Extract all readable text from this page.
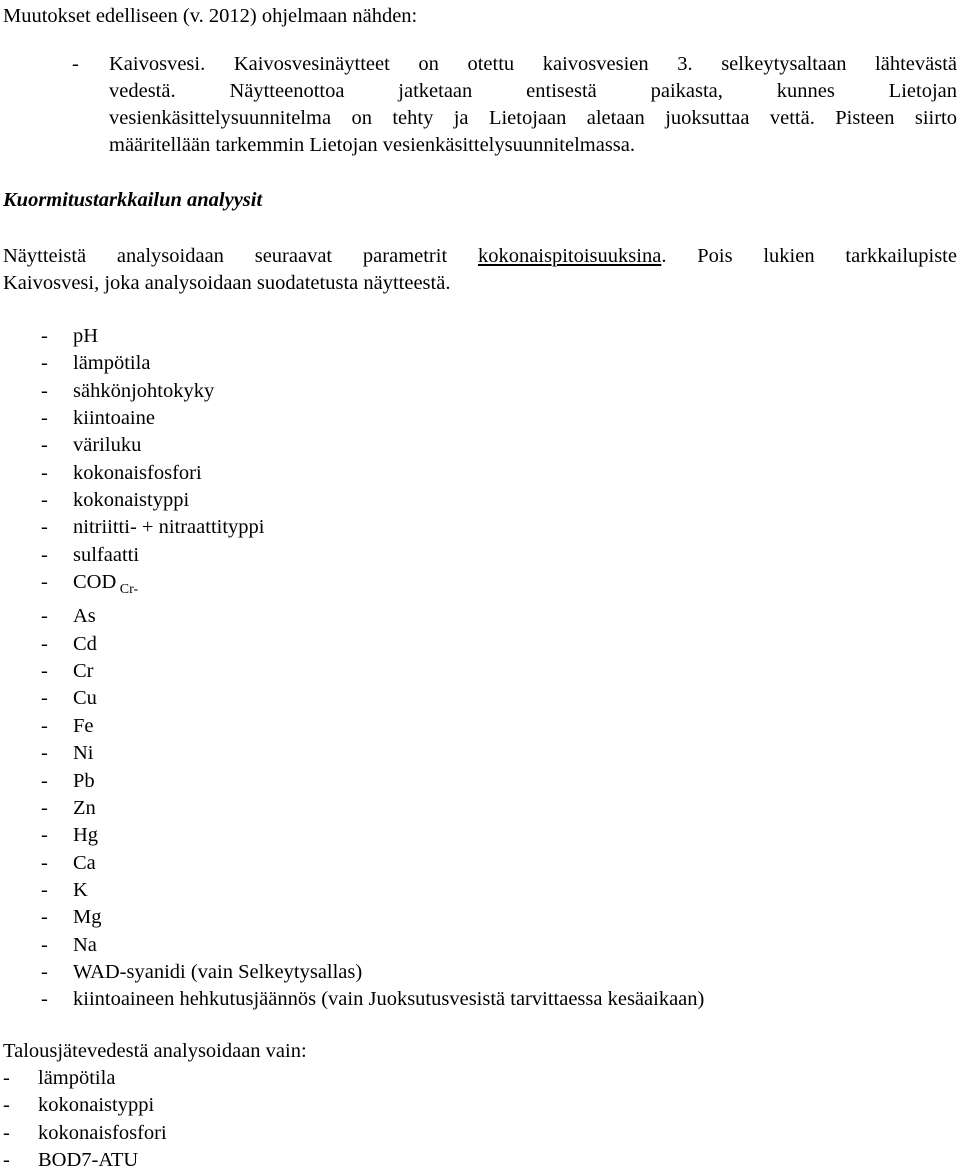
Muutokset edelliseen (v. 2012) ohjelmaan nähden:
- Kaivosvesi. Kaivosvesinäytteet on otettu kaivosvesien 3. selkeytysaltaan lähtevästä
vedestä. Näytteenottoa jatketaan entisestä paikasta, kunnes Lietojan
vesienkäsittelysuunnitelma on tehty ja Lietojaan aletaan juoksuttaa vettä. Pisteen siirto
määritellään tarkemmin Lietojan vesienkäsittelysuunnitelmassa.
Kuormitustarkkailun analyysit
Näytteistä analysoidaan seuraavat parametrit kokonaispitoisuuksina. Pois lukien tarkkailupiste
Kaivosvesi, joka analysoidaan suodatetusta näytteestä.
- pH
- lämpötila
- sähkönjohtokyky
- kiintoaine
- väriluku
- kokonaisfosfori
- kokonaistyppi
- nitriitti- + nitraattityppi
- sulfaatti
- COD $_{Cr-}$
- As
- Cd
- Cr
- Cu
- Fe
- Ni
- Pb
- Zn
- Hg
- Ca
- K
- Mg
- Na
- WAD-syanidi (vain Selkeytysallas)
- kiintoaineen hehkutusjäännös (vain Juoksutusvesistä tarvittaessa kesäaikaan)
Talousjätevedestä analysoidaan vain:
- lämpötila
- kokonaistyppi
- kokonaisfosfori
- BOD7-ATU
